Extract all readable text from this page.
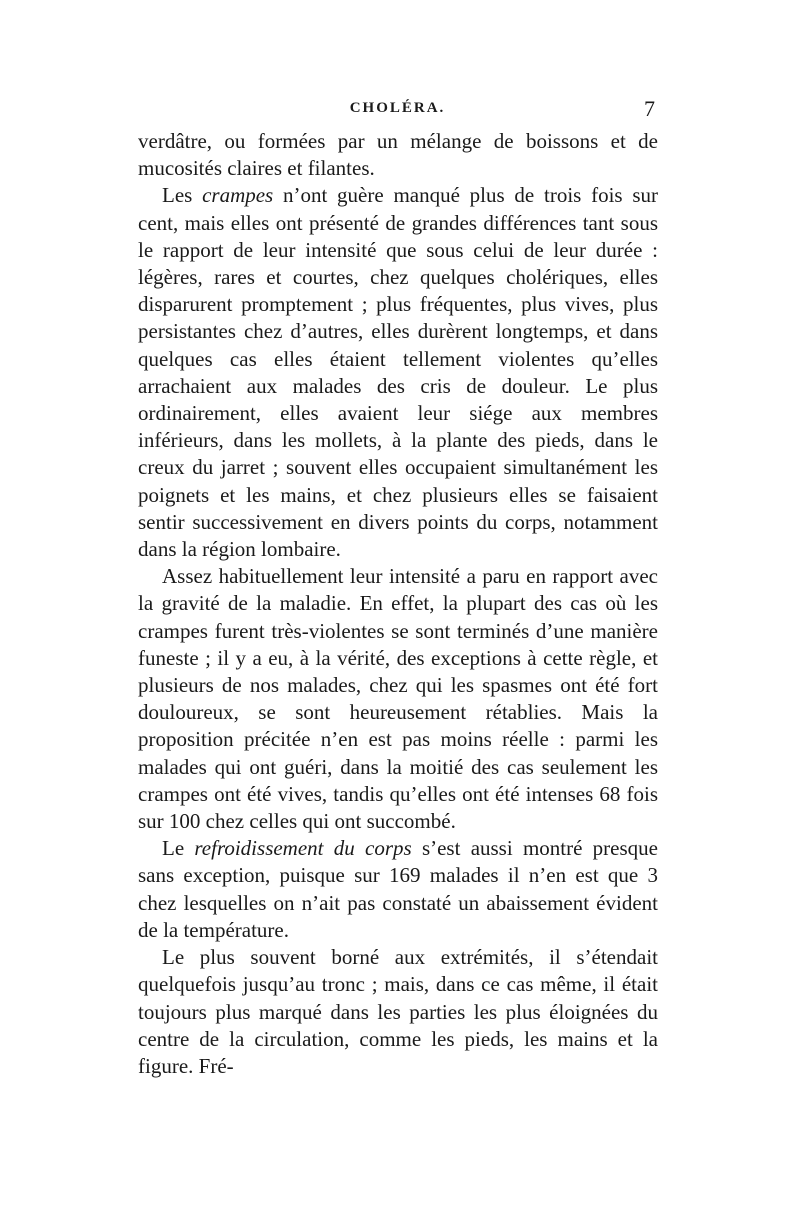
CHOLÉRA.	7

verdâtre, ou formées par un mélange de boissons et de mucosités claires et filantes.

Les crampes n’ont guère manqué plus de trois fois sur cent, mais elles ont présenté de grandes différences tant sous le rapport de leur intensité que sous celui de leur durée : légères, rares et courtes, chez quelques cholériques, elles disparurent promptement ; plus fréquentes, plus vives, plus persistantes chez d’autres, elles durèrent longtemps, et dans quelques cas elles étaient tellement violentes qu’elles arrachaient aux malades des cris de douleur. Le plus ordinairement, elles avaient leur siége aux membres inférieurs, dans les mollets, à la plante des pieds, dans le creux du jarret ; souvent elles occupaient simultanément les poignets et les mains, et chez plusieurs elles se faisaient sentir successivement en divers points du corps, notamment dans la région lombaire.

Assez habituellement leur intensité a paru en rapport avec la gravité de la maladie. En effet, la plupart des cas où les crampes furent très-violentes se sont terminés d’une manière funeste ; il y a eu, à la vérité, des exceptions à cette règle, et plusieurs de nos malades, chez qui les spasmes ont été fort douloureux, se sont heureusement rétablies. Mais la proposition précitée n’en est pas moins réelle : parmi les malades qui ont guéri, dans la moitié des cas seulement les crampes ont été vives, tandis qu’elles ont été intenses 68 fois sur 100 chez celles qui ont succombé.

Le refroidissement du corps s’est aussi montré presque sans exception, puisque sur 169 malades il n’en est que 3 chez lesquelles on n’ait pas constaté un abaissement évident de la température.

Le plus souvent borné aux extrémités, il s’étendait quelquefois jusqu’au tronc ; mais, dans ce cas même, il était toujours plus marqué dans les parties les plus éloignées du centre de la circulation, comme les pieds, les mains et la figure. Fré-
